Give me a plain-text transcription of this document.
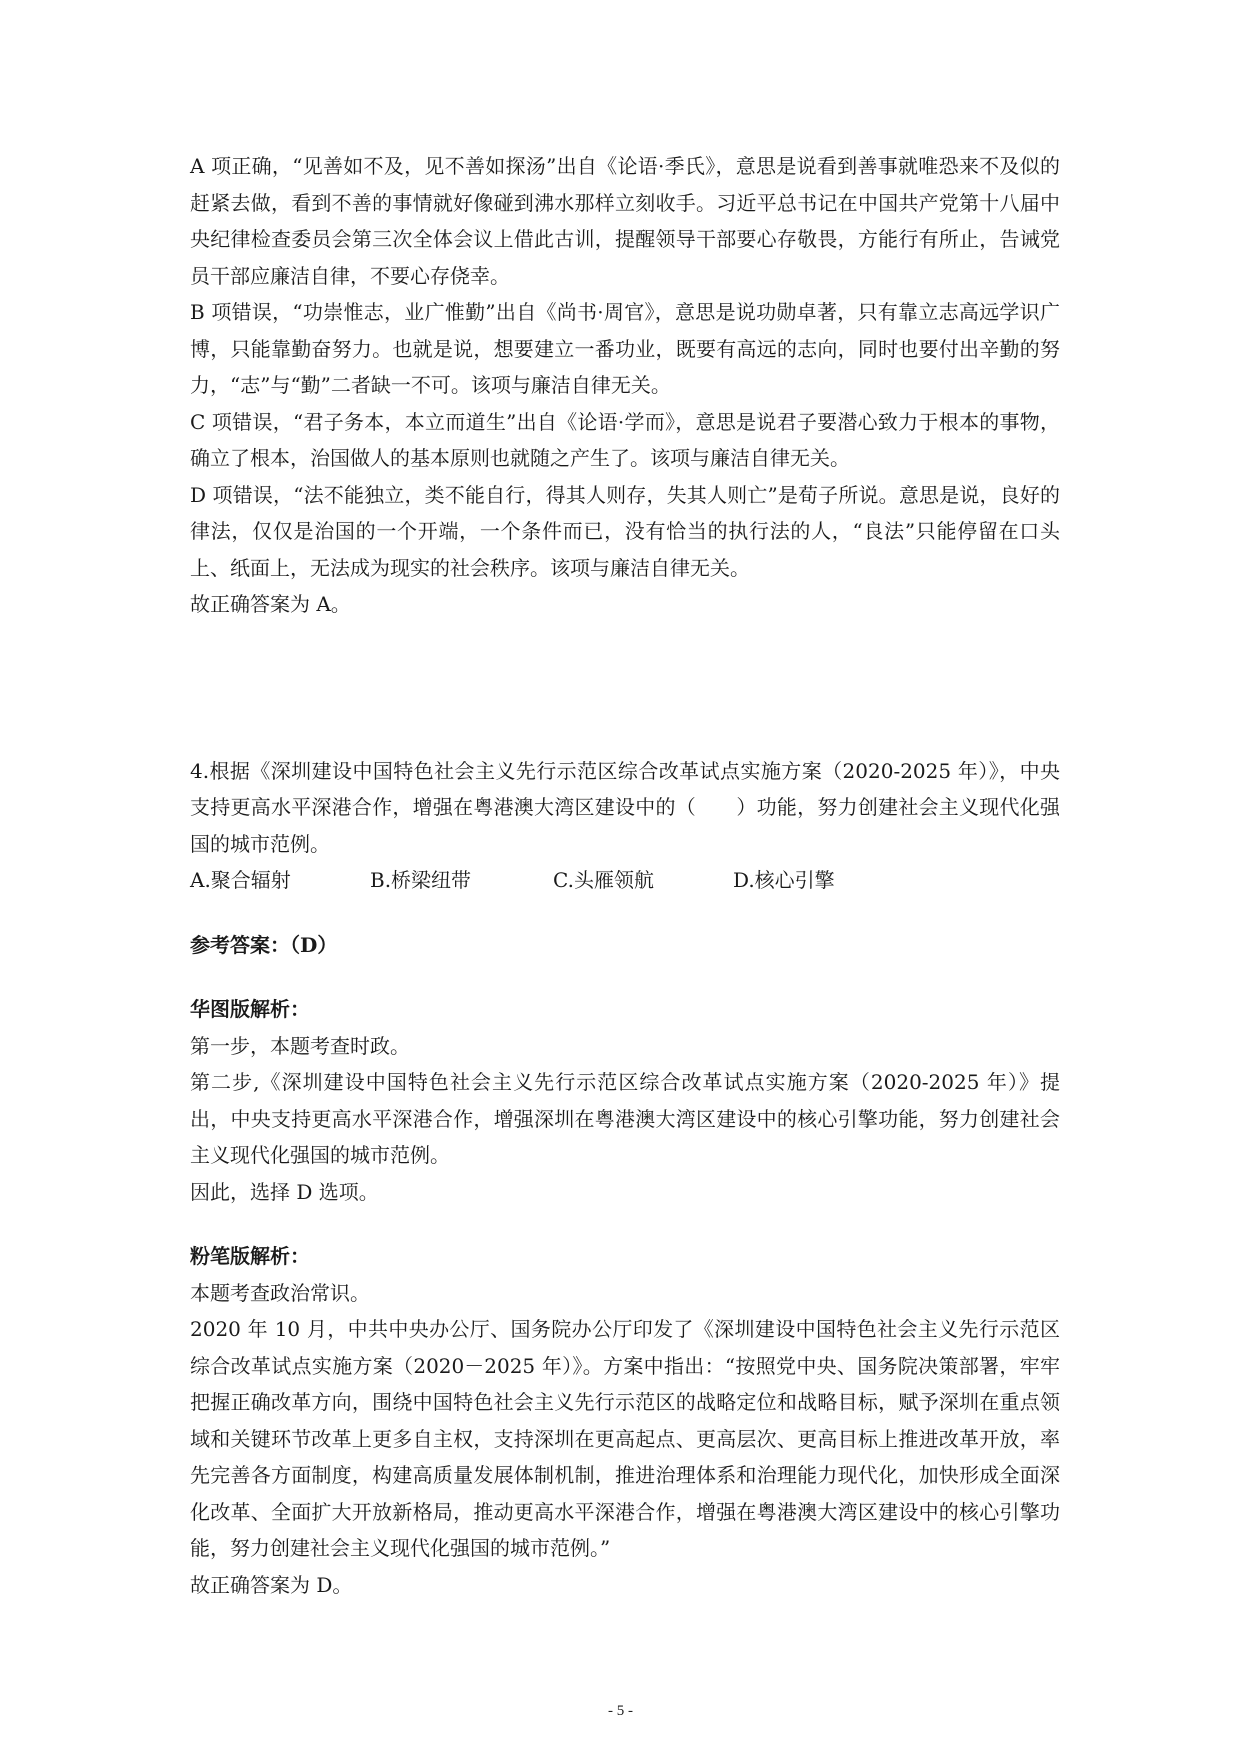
A 项正确，“见善如不及，见不善如探汤”出自《论语·季氏》，意思是说看到善事就唯恐来不及似的赶紧去做，看到不善的事情就好像碰到沸水那样立刻收手。习近平总书记在中国共产党第十八届中央纪律检查委员会第三次全体会议上借此古训，提醒领导干部要心存敬畏，方能行有所止，告诫党员干部应廉洁自律，不要心存侥幸。

B 项错误，“功崇惟志，业广惟勤”出自《尚书·周官》，意思是说功勋卓著，只有靠立志高远学识广博，只能靠勤奋努力。也就是说，想要建立一番功业，既要有高远的志向，同时也要付出辛勤的努力，“志”与“勤”二者缺一不可。该项与廉洁自律无关。

C 项错误，“君子务本，本立而道生”出自《论语·学而》，意思是说君子要潜心致力于根本的事物，确立了根本，治国做人的基本原则也就随之产生了。该项与廉洁自律无关。

D 项错误，“法不能独立，类不能自行，得其人则存，失其人则亡”是荀子所说。意思是说，良好的律法，仅仅是治国的一个开端，一个条件而已，没有恰当的执行法的人，“良法”只能停留在口头上、纸面上，无法成为现实的社会秩序。该项与廉洁自律无关。

故正确答案为 A。

4.根据《深圳建设中国特色社会主义先行示范区综合改革试点实施方案（2020-2025 年）》，中央支持更高水平深港合作，增强在粤港澳大湾区建设中的（　　）功能，努力创建社会主义现代化强国的城市范例。

A.聚合辐射	B.桥梁纽带	C.头雁领航	D.核心引擎

参考答案：（D）

华图版解析：

第一步，本题考查时政。

第二步,《深圳建设中国特色社会主义先行示范区综合改革试点实施方案（2020-2025 年）》提出，中央支持更高水平深港合作，增强深圳在粤港澳大湾区建设中的核心引擎功能，努力创建社会主义现代化强国的城市范例。

因此，选择 D 选项。

粉笔版解析：

本题考查政治常识。

2020 年 10 月，中共中央办公厅、国务院办公厅印发了《深圳建设中国特色社会主义先行示范区综合改革试点实施方案（2020－2025 年）》。方案中指出：“按照党中央、国务院决策部署，牢牢把握正确改革方向，围绕中国特色社会主义先行示范区的战略定位和战略目标，赋予深圳在重点领域和关键环节改革上更多自主权，支持深圳在更高起点、更高层次、更高目标上推进改革开放，率先完善各方面制度，构建高质量发展体制机制，推进治理体系和治理能力现代化，加快形成全面深化改革、全面扩大开放新格局，推动更高水平深港合作，增强在粤港澳大湾区建设中的核心引擎功能，努力创建社会主义现代化强国的城市范例。”

故正确答案为 D。

- 5 -
